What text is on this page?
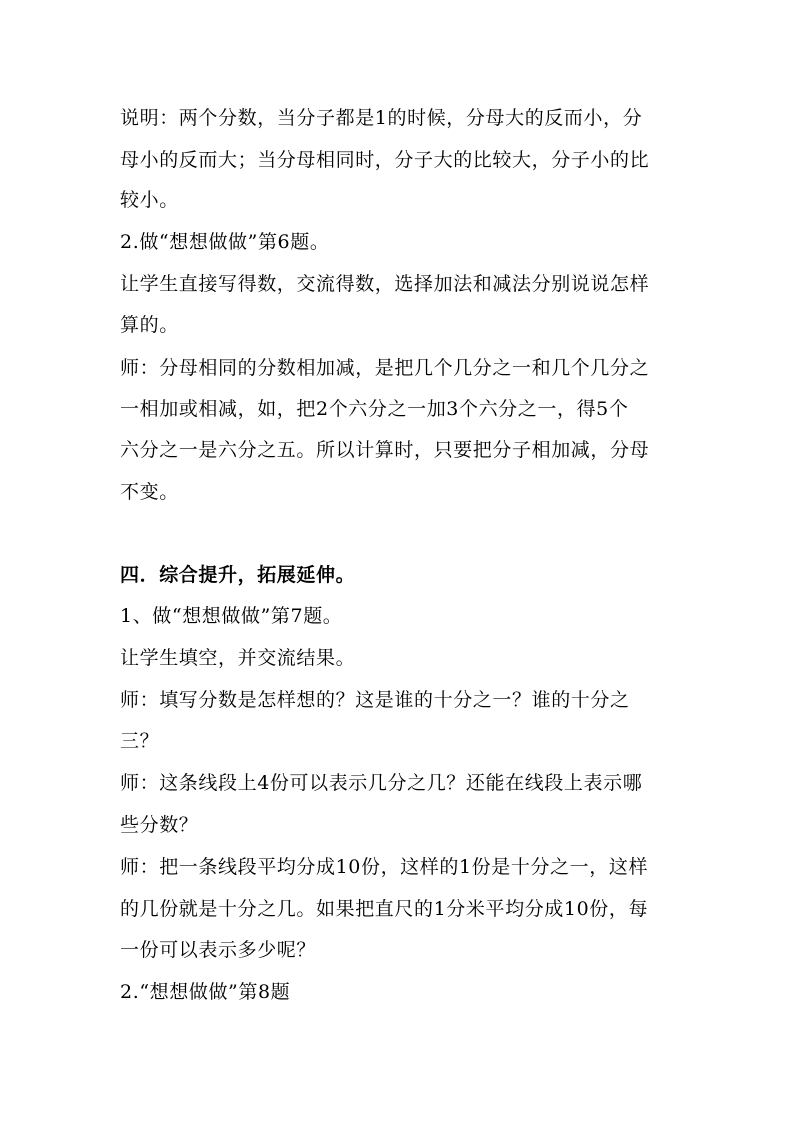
说明：两个分数，当分子都是1的时候，分母大的反而小，分
母小的反而大；当分母相同时，分子大的比较大，分子小的比
较小。
2.做“想想做做”第6题。
让学生直接写得数，交流得数，选择加法和减法分别说说怎样
算的。
师：分母相同的分数相加减，是把几个几分之一和几个几分之
一相加或相减，如，把2个六分之一加3个六分之一，得5个
六分之一是六分之五。所以计算时，只要把分子相加减，分母
不变。
四．综合提升，拓展延伸。
1、做“想想做做”第7题。
让学生填空，并交流结果。
师：填写分数是怎样想的？这是谁的十分之一？谁的十分之
三？
师：这条线段上4份可以表示几分之几？还能在线段上表示哪
些分数？
师：把一条线段平均分成10份，这样的1份是十分之一，这样
的几份就是十分之几。如果把直尺的1分米平均分成10份，每
一份可以表示多少呢？
2.“想想做做”第8题
